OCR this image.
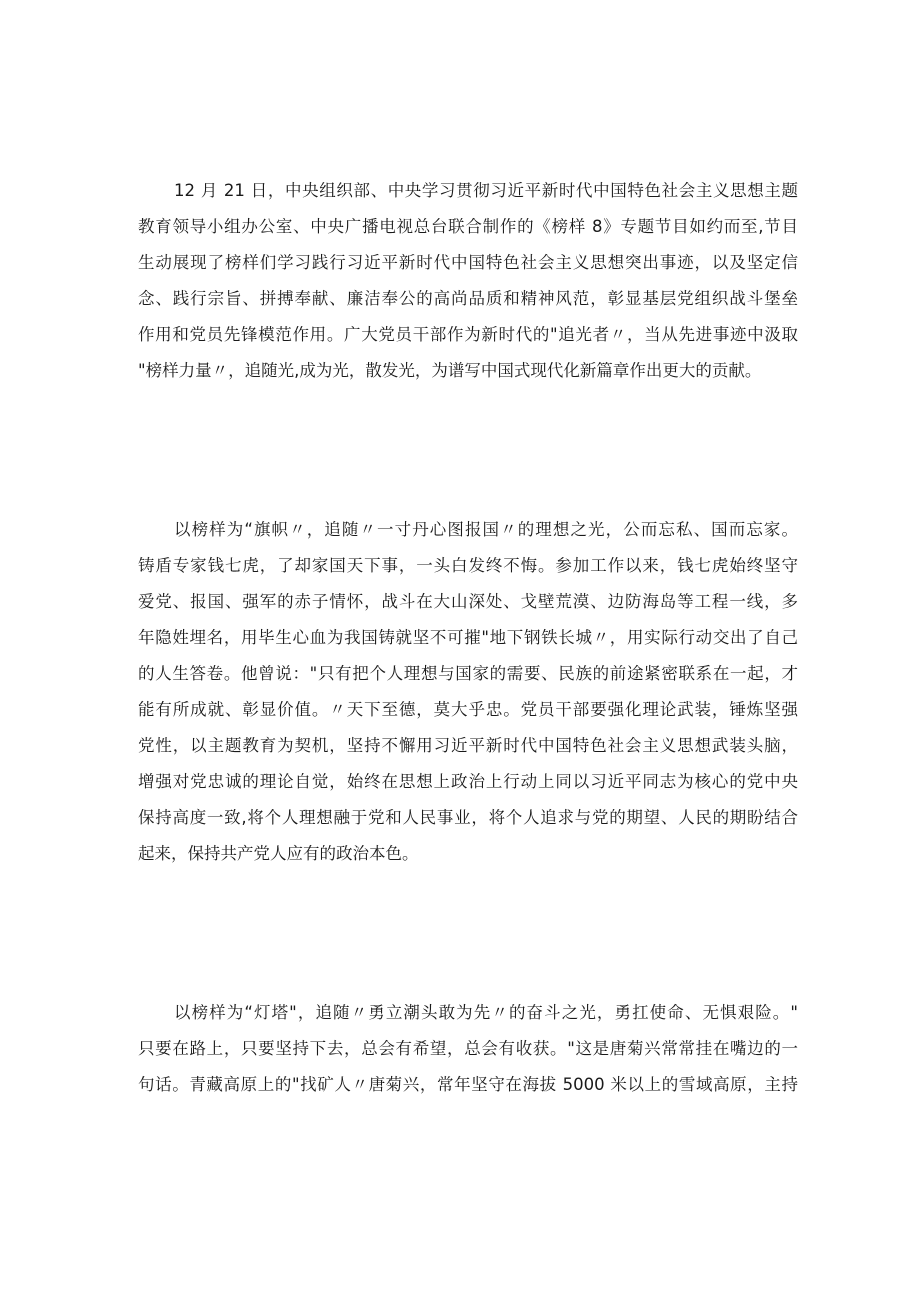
12 月 21 日，中央组织部、中央学习贯彻习近平新时代中国特色社会主义思想主题
教育领导小组办公室、中央广播电视总台联合制作的《榜样 8》专题节目如约而至,节目
生动展现了榜样们学习践行习近平新时代中国特色社会主义思想突出事迹，以及坚定信
念、践行宗旨、拼搏奉献、廉洁奉公的高尚品质和精神风范，彰显基层党组织战斗堡垒
作用和党员先锋模范作用。广大党员干部作为新时代的"追光者〃，当从先进事迹中汲取
"榜样力量〃，追随光,成为光，散发光，为谱写中国式现代化新篇章作出更大的贡献。
以榜样为“旗帜〃，追随〃一寸丹心图报国〃的理想之光，公而忘私、国而忘家。
铸盾专家钱七虎，了却家国天下事，一头白发终不悔。参加工作以来，钱七虎始终坚守
爱党、报国、强军的赤子情怀，战斗在大山深处、戈壁荒漠、边防海岛等工程一线，多
年隐姓埋名，用毕生心血为我国铸就坚不可摧"地下钢铁长城〃，用实际行动交出了自己
的人生答卷。他曾说："只有把个人理想与国家的需要、民族的前途紧密联系在一起，才
能有所成就、彰显价值。〃天下至德，莫大乎忠。党员干部要强化理论武装，锤炼坚强
党性，以主题教育为契机，坚持不懈用习近平新时代中国特色社会主义思想武装头脑，
增强对党忠诚的理论自觉，始终在思想上政治上行动上同以习近平同志为核心的党中央
保持高度一致,将个人理想融于党和人民事业，将个人追求与党的期望、人民的期盼结合
起来，保持共产党人应有的政治本色。
以榜样为“灯塔"，追随〃勇立潮头敢为先〃的奋斗之光，勇扛使命、无惧艰险。"
只要在路上，只要坚持下去，总会有希望，总会有收获。"这是唐菊兴常常挂在嘴边的一
句话。青藏高原上的"找矿人〃唐菊兴，常年坚守在海拔 5000 米以上的雪域高原，主持
